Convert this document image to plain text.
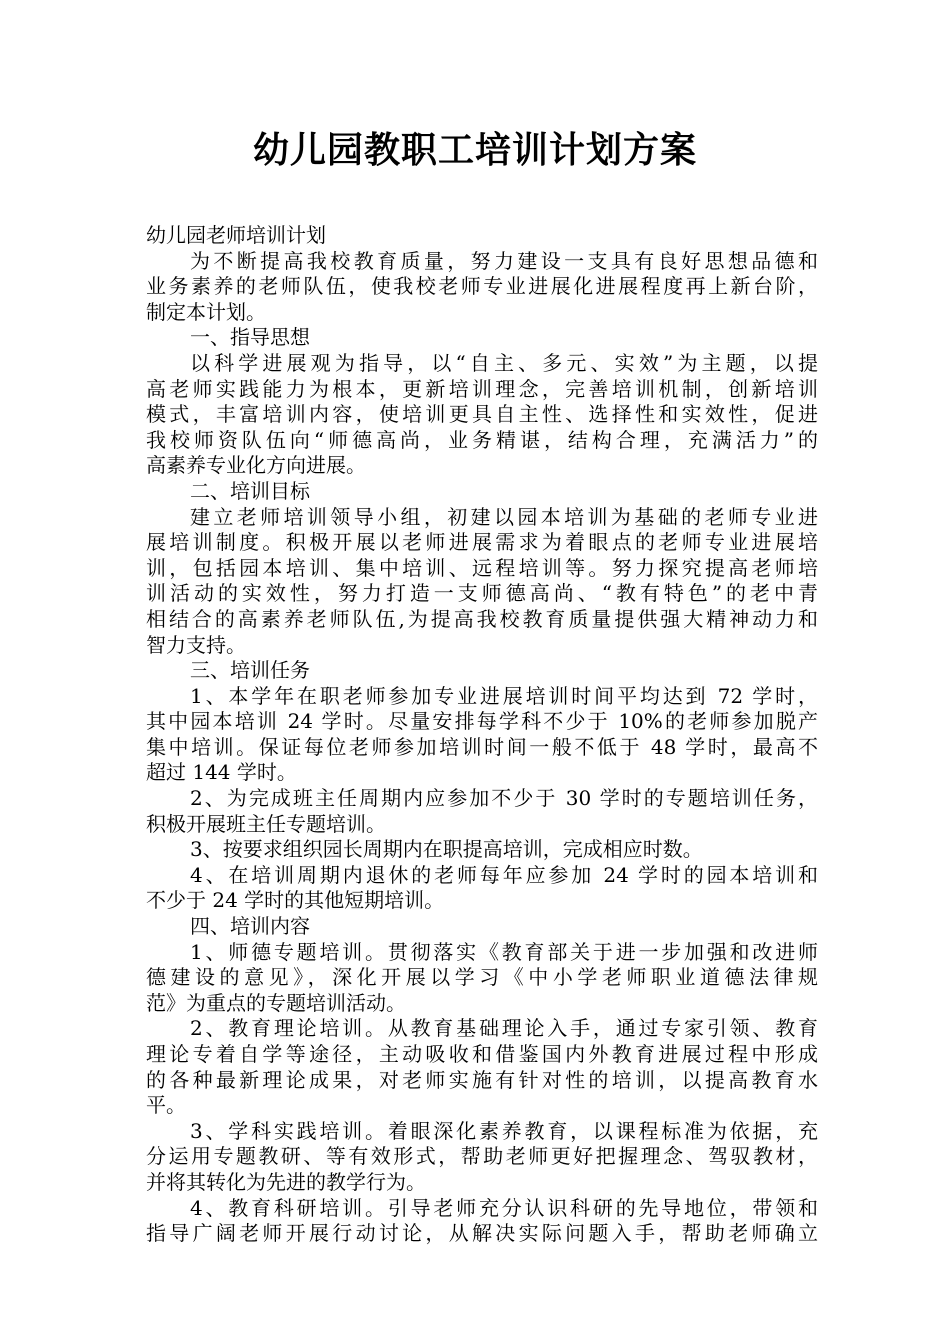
幼儿园教职工培训计划方案
幼儿园老师培训计划
为不断提高我校教育质量，努力建设一支具有良好思想品德和
业务素养的老师队伍，使我校老师专业进展化进展程度再上新台阶，
制定本计划。
一、指导思想
以科学进展观为指导，以“自主、多元、实效”为主题，以提
高老师实践能力为根本，更新培训理念，完善培训机制，创新培训
模式，丰富培训内容，使培训更具自主性、选择性和实效性，促进
我校师资队伍向“师德高尚，业务精谌，结构合理，充满活力”的
高素养专业化方向进展。
二、培训目标
建立老师培训领导小组，初建以园本培训为基础的老师专业进
展培训制度。积极开展以老师进展需求为着眼点的老师专业进展培
训，包括园本培训、集中培训、远程培训等。努力探究提高老师培
训活动的实效性，努力打造一支师德高尚、“教有特色”的老中青
相结合的高素养老师队伍,为提高我校教育质量提供强大精神动力和
智力支持。
三、培训任务
1、本学年在职老师参加专业进展培训时间平均达到 72 学时，
其中园本培训 24 学时。尽量安排每学科不少于 10%的老师参加脱产
集中培训。保证每位老师参加培训时间一般不低于 48 学时，最高不
超过 144 学时。
2、为完成班主任周期内应参加不少于 30 学时的专题培训任务，
积极开展班主任专题培训。
3、按要求组织园长周期内在职提高培训，完成相应时数。
4、在培训周期内退休的老师每年应参加 24 学时的园本培训和
不少于 24 学时的其他短期培训。
四、培训内容
1、师德专题培训。贯彻落实《教育部关于进一步加强和改进师
德建设的意见》，深化开展以学习《中小学老师职业道德法律规
范》为重点的专题培训活动。
2、教育理论培训。从教育基础理论入手，通过专家引领、教育
理论专着自学等途径，主动吸收和借鉴国内外教育进展过程中形成
的各种最新理论成果，对老师实施有针对性的培训，以提高教育水
平。
3、学科实践培训。着眼深化素养教育，以课程标准为依据，充
分运用专题教研、等有效形式，帮助老师更好把握理念、驾驭教材，
并将其转化为先进的教学行为。
4、教育科研培训。引导老师充分认识科研的先导地位，带领和
指导广阔老师开展行动讨论，从解决实际问题入手，帮助老师确立
